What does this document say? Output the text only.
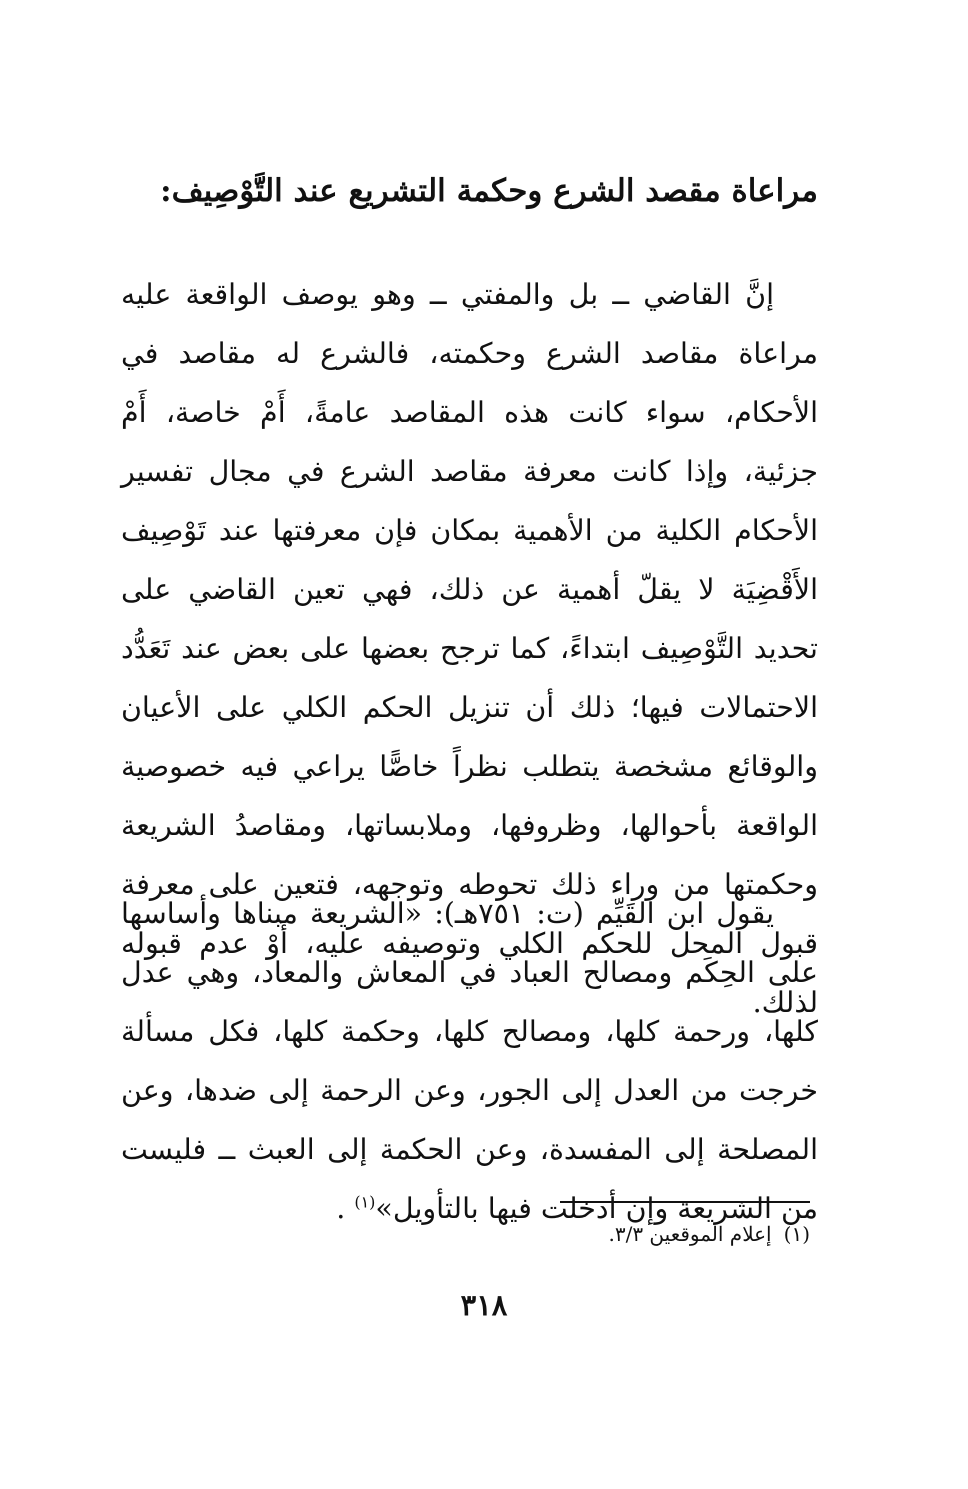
مراعاة مقصد الشرع وحكمة التشريع عند التَّوْصِيف:

إنَّ القاضي ــ بل والمفتي ــ وهو يوصف الواقعة عليه مراعاة مقاصد الشرع وحكمته، فالشرع له مقاصد في الأحكام، سواء كانت هذه المقاصد عامةً، أَمْ خاصة، أَمْ جزئية، وإذا كانت معرفة مقاصد الشرع في مجال تفسير الأحكام الكلية من الأهمية بمكان فإن معرفتها عند تَوْصِيف الأَقْضِيَة لا يقلّ أهمية عن ذلك، فهي تعين القاضي على تحديد التَّوْصِيف ابتداءً، كما ترجح بعضها على بعض عند تَعَدُّد الاحتمالات فيها؛ ذلك أن تنزيل الحكم الكلي على الأعيان والوقائع مشخصة يتطلب نظراً خاصًّا يراعي فيه خصوصية الواقعة بأحوالها، وظروفها، وملابساتها، ومقاصدُ الشريعة وحكمتها من وراء ذلك تحوطه وتوجهه، فتعين على معرفة قبول المحل للحكم الكلي وتوصيفه عليه، أَوْ عدم قبوله لذلك.

يقول ابن القَيِّم (ت: ٧٥١هـ): «الشريعة مبناها وأساسها على الحِكَم ومصالح العباد في المعاش والمعاد، وهي عدل كلها، ورحمة كلها، ومصالح كلها، وحكمة كلها، فكل مسألة خرجت من العدل إلى الجور، وعن الرحمة إلى ضدها، وعن المصلحة إلى المفسدة، وعن الحكمة إلى العبث ــ فليست من الشريعة وإن أدخلت فيها بالتأويل»$^{(١)}$ .

(١)إعلام الموقعين ٣/٣.
٣١٨
